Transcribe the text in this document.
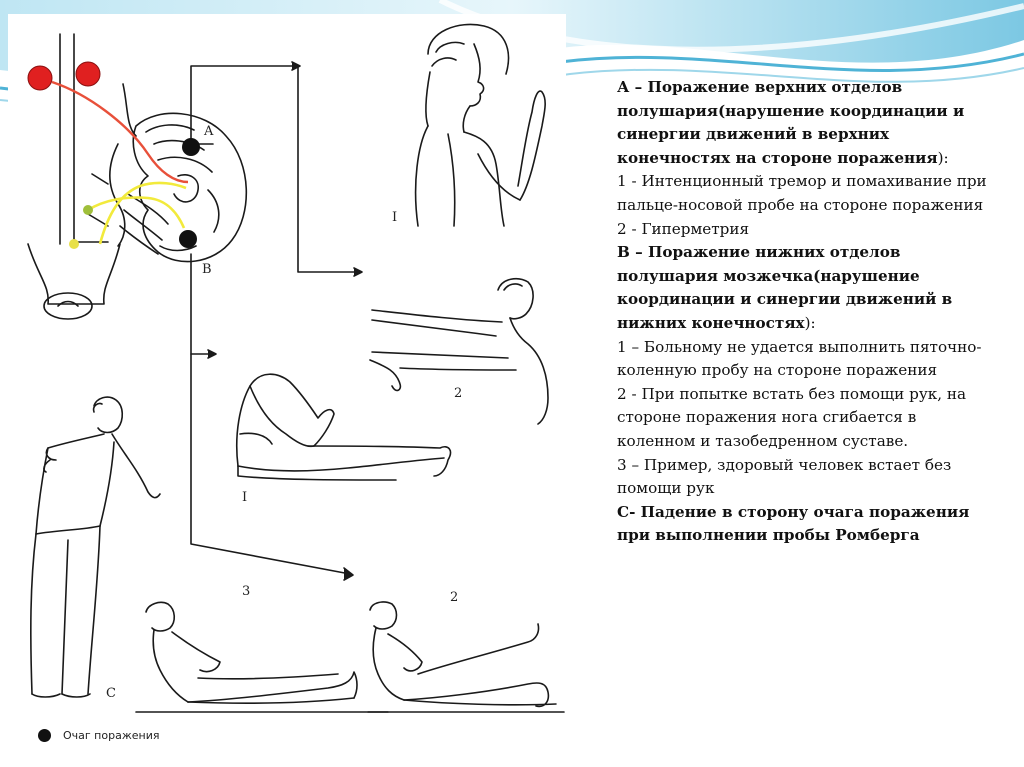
A
B
C
I
I
2
3	2
Очаг поражения

А – Поражение верхних отделов полушария(нарушение координации и синергии движений в верхних конечностях на стороне поражения):

1 - Интенционный тремор и помахивание при пальце-носовой пробе на стороне поражения

2 - Гиперметрия

В – Поражение нижних отделов полушария мозжечка(нарушение координации и синергии движений в нижних конечностях):

1 – Больному не удается выполнить пяточно-коленную пробу на стороне поражения

2 - При попытке встать без помощи рук, на стороне поражения нога сгибается в коленном и тазобедренном суставе.

3 – Пример, здоровый человек встает без помощи рук

С- Падение в сторону очага поражения при выполнении пробы Ромберга
